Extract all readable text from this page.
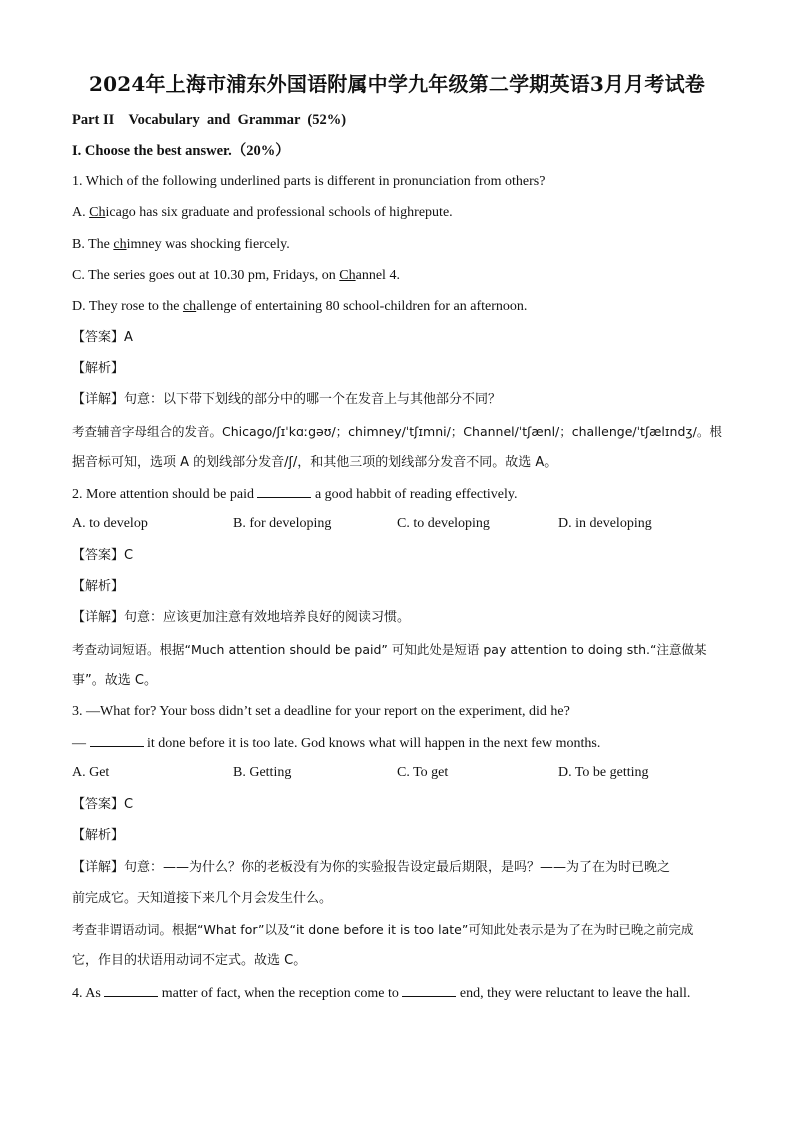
2024年上海市浦东外国语附属中学九年级第二学期英语3月月考试卷
Part II    Vocabulary  and  Grammar  (52%)
I. Choose the best answer.（20%）
1. Which of the following underlined parts is different in pronunciation from others?
A. Chicago has six graduate and professional schools of highrepute.
B. The chimney was shocking fiercely.
C. The series goes out at 10.30 pm, Fridays, on Channel 4.
D. They rose to the challenge of entertaining 80 school-children for an afternoon.
【答案】A
【解析】
【详解】句意：以下带下划线的部分中的哪一个在发音上与其他部分不同？
考查辅音字母组合的发音。Chicago/ʃɪˈkɑːgəʊ/；chimney/ˈtʃɪmni/；Channel/ˈtʃænl/；challenge/ˈtʃælɪndʒ/。根
据音标可知，选项 A 的划线部分发音/ʃ/，和其他三项的划线部分发音不同。故选 A。
2. More attention should be paid	a good habbit of reading effectively.
A. to develop	B. for developing	C. to developing	D. in developing
【答案】C
【解析】
【详解】句意：应该更加注意有效地培养良好的阅读习惯。
考查动词短语。根据“Much attention should be paid” 可知此处是短语 pay attention to doing sth.“注意做某
事”。故选 C。
3. —What for? Your boss didn’t set a deadline for your report on the experiment, did he?
—	it done before it is too late. God knows what will happen in the next few months.
A. Get	B. Getting	C. To get	D. To be getting
【答案】C
【解析】
【详解】句意：——为什么？你的老板没有为你的实验报告设定最后期限，是吗？——为了在为时已晚之
前完成它。天知道接下来几个月会发生什么。
考查非谓语动词。根据“What for”以及“it done before it is too late”可知此处表示是为了在为时已晚之前完成
它，作目的状语用动词不定式。故选 C。
4. As	matter of fact, when the reception come to	end, they were reluctant to leave the hall.
